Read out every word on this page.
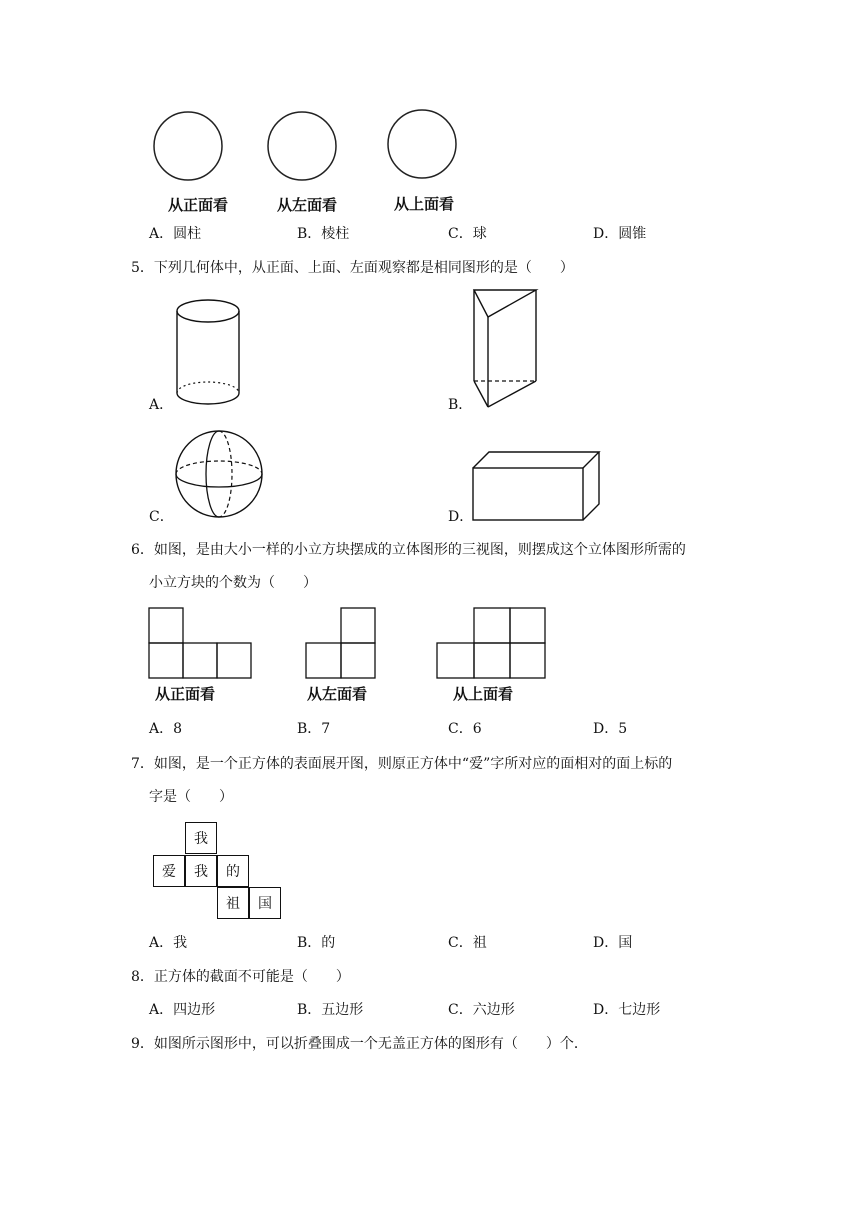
从正面看	从左面看	从上面看
A．圆柱	B．棱柱	C．球	D．圆锥
5．下列几何体中，从正面、上面、左面观察都是相同图形的是（　　）
A．	B．
C．	D．
6．如图，是由大小一样的小立方块摆成的立体图形的三视图，则摆成这个立体图形所需的
小立方块的个数为（　　）
从正面看	从左面看	从上面看
A．8	B．7	C．6	D．5
7．如图，是一个正方体的表面展开图，则原正方体中“爱”字所对应的面相对的面上标的
字是（　　）
我
爱	我	的
祖	国
A．我	B．的	C．祖	D．国
8．正方体的截面不可能是（　　）
A．四边形	B．五边形	C．六边形	D．七边形
9．如图所示图形中，可以折叠围成一个无盖正方体的图形有（　　）个．
